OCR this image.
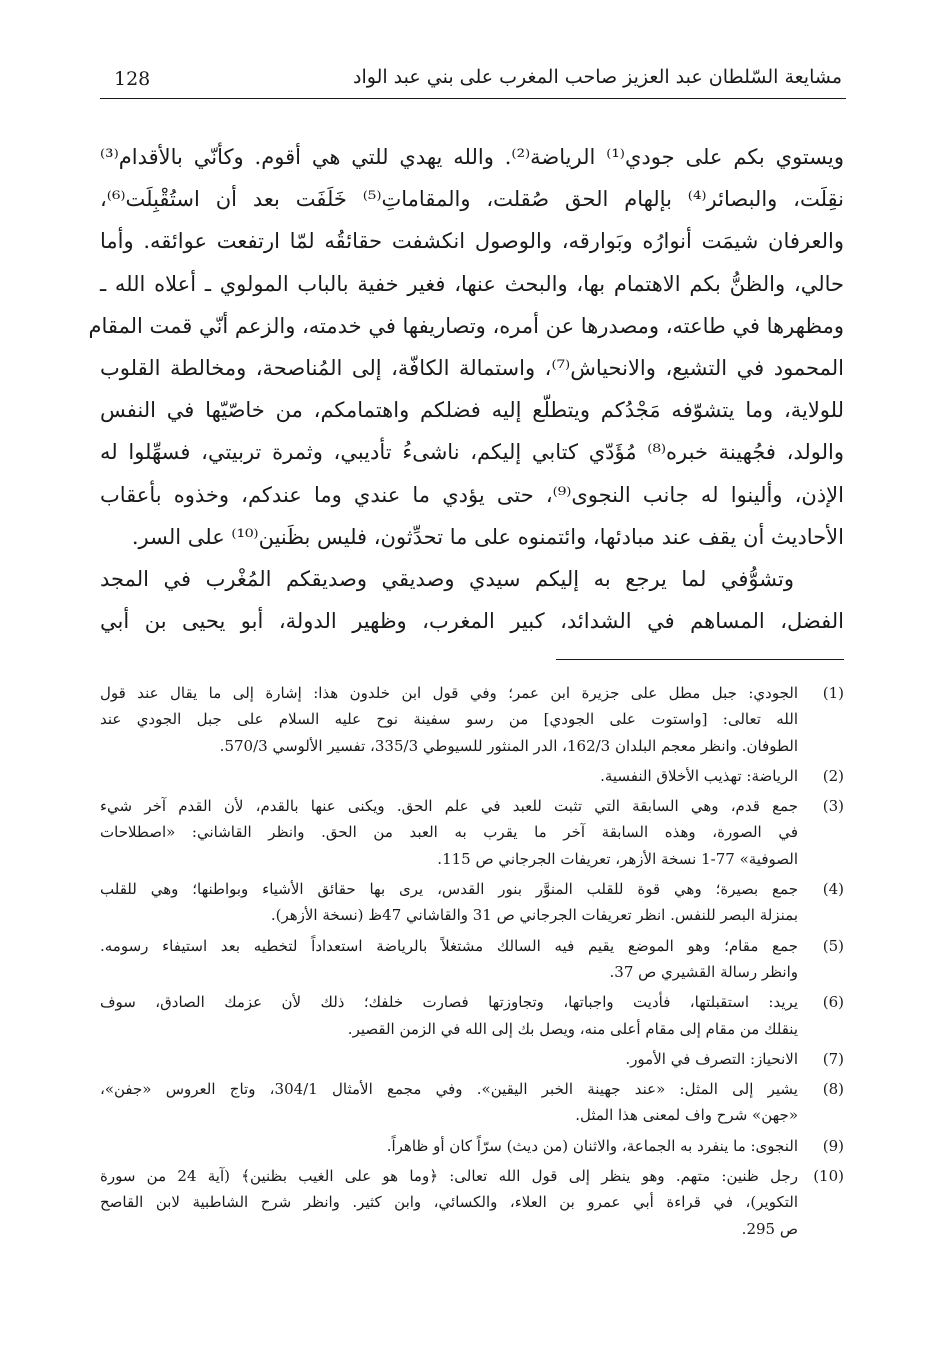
128	مشايعة السّلطان عبد العزيز صاحب المغرب على بني عبد الواد
ويستوي بكم على جودي⁽¹⁾ الرياضة⁽²⁾. والله يهدي للتي هي أقوم. وكأنّي بالأقدام⁽³⁾
نقِلَت، والبصائر⁽⁴⁾ بإلهام الحق صُقلت، والمقاماتِ⁽⁵⁾ خَلَفَت بعد أن استُقْبِلَت⁽⁶⁾،
والعرفان شيمَت أنوارُه وبَوارقه، والوصول انكشفت حقائقُه لمّا ارتفعت عوائقه. وأما
حالي، والظنُّ بكم الاهتمام بها، والبحث عنها، فغير خفية بالباب المولوي ـ أعلاه الله ـ
ومظهرها في طاعته، ومصدرها عن أمره، وتصاريفها في خدمته، والزعم أنّي قمت المقام
المحمود في التشيع، والانحياش⁽⁷⁾، واستمالة الكافّة، إلى المُناصحة، ومخالطة القلوب
للولاية، وما يتشوّفه مَجْدُكم ويتطلّع إليه فضلكم واهتمامكم، من خاصّيّها في النفس
والولد، فجُهينة خبره⁽⁸⁾ مُؤَدّي كتابي إليكم، ناشىءُ تأديبي، وثمرة تربيتي، فسهِّلوا له
الإذن، وألينوا له جانب النجوى⁽⁹⁾، حتى يؤدي ما عندي وما عندكم، وخذوه بأعقاب
الأحاديث أن يقف عند مبادئها، وائتمنوه على ما تحدِّثون، فليس بظَنين⁽¹⁰⁾ على السر.
وتشوُّفي لما يرجع به إليكم سيدي وصديقي وصديقكم المُغْرب في المجد
الفضل، المساهم في الشدائد، كبير المغرب، وظهير الدولة، أبو يحيى بن أبي
(1)
الجودي: جبل مطل على جزيرة ابن عمر؛ وفي قول ابن خلدون هذا: إشارة إلى ما يقال عند قول
الله تعالى: [واستوت على الجودي] من رسو سفينة نوح عليه السلام على جبل الجودي عند
الطوفان. وانظر معجم البلدان 162/3، الدر المنثور للسيوطي 335/3، تفسير الألوسي 570/3.
(2)
الرياضة: تهذيب الأخلاق النفسية.
(3)
جمع قدم، وهي السابقة التي تثبت للعبد في علم الحق. ويكنى عنها بالقدم، لأن القدم آخر شيء
في الصورة، وهذه السابقة آخر ما يقرب به العبد من الحق. وانظر القاشاني: «اصطلاحات
الصوفية» 77-1 نسخة الأزهر، تعريفات الجرجاني ص 115.
(4)
جمع بصيرة؛ وهي قوة للقلب المنوَّر بنور القدس، يرى بها حقائق الأشياء وبواطنها؛ وهي للقلب
بمنزلة البصر للنفس. انظر تعريفات الجرجاني ص 31 والقاشاني 47ظ (نسخة الأزهر).
(5)
جمع مقام؛ وهو الموضع يقيم فيه السالك مشتغلاً بالرياضة استعداداً لتخطيه بعد استيفاء رسومه.
وانظر رسالة القشيري ص 37.
(6)
يريد: استقبلتها، فأديت واجباتها، وتجاوزتها فصارت خلفك؛ ذلك لأن عزمك الصادق، سوف
ينقلك من مقام إلى مقام أعلى منه، ويصل بك إلى الله في الزمن القصير.
(7)
الانحياز: التصرف في الأمور.
(8)
يشير إلى المثل: «عند جهينة الخبر اليقين». وفي مجمع الأمثال 304/1، وتاج العروس «جفن»،
«جهن» شرح واف لمعنى هذا المثل.
(9)
النجوى: ما ينفرد به الجماعة، والاثنان (من ديث) سرّاً كان أو ظاهراً.
(10)
رجل ظنين: متهم. وهو ينظر إلى قول الله تعالى: ﴿وما هو على الغيب بظنين﴾ (آية 24 من سورة
التكوير)، في قراءة أبي عمرو بن العلاء، والكسائي، وابن كثير. وانظر شرح الشاطبية لابن القاصح
ص 295.
